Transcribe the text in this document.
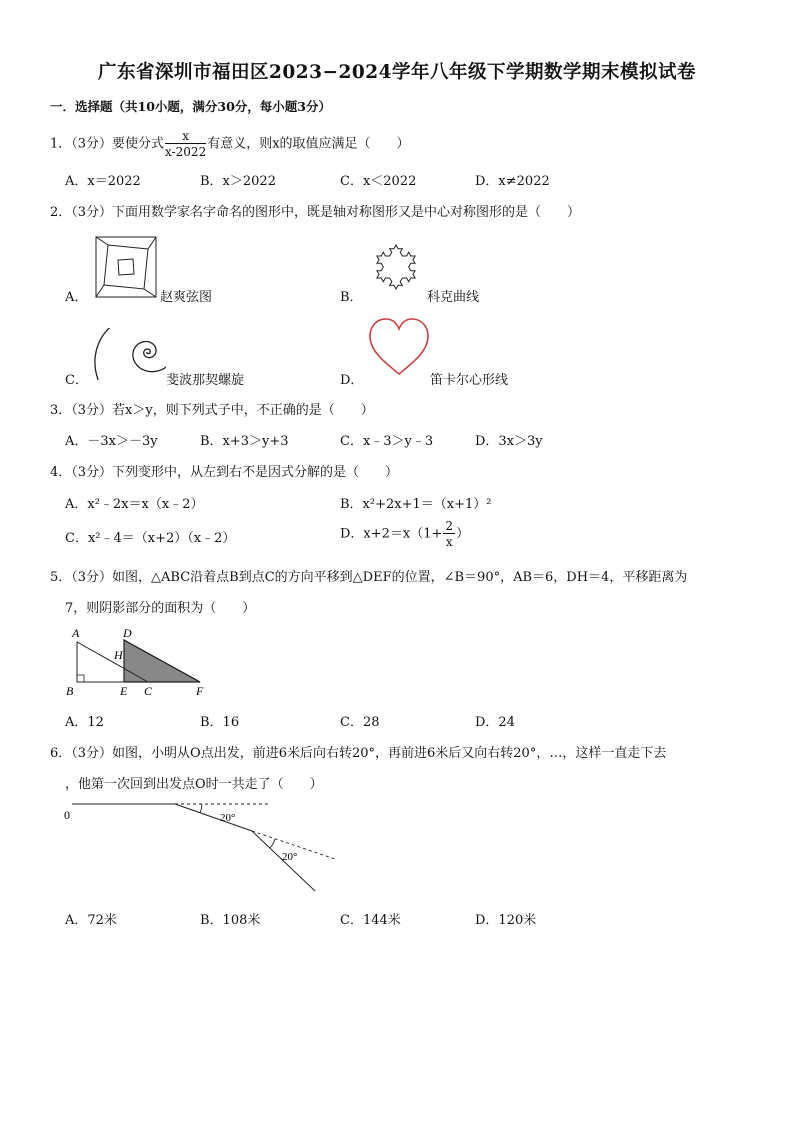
广东省深圳市福田区2023−2024学年八年级下学期数学期末模拟试卷
一．选择题（共10小题，满分30分，每小题3分）
1．（3分）要使分式 $\frac{x}{x-2022}$ 有意义，则x的取值应满足（　　）
A．x＝2022	B．x＞2022	C．x＜2022	D．x≠2022
2．（3分）下面用数学家名字命名的图形中，既是轴对称图形又是中心对称图形的是（　　）
A．	赵爽弦图	B．	科克曲线
C．	斐波那契螺旋	D．	笛卡尔心形线
3．（3分）若x＞y，则下列式子中，不正确的是（　　）
A．－3x＞－3y	B．x+3＞y+3	C．x﹣3＞y﹣3	D．3x＞3y
4．（3分）下列变形中，从左到右不是因式分解的是（　　）
A．x²﹣2x＝x（x﹣2）	B．x²+2x+1＝（x+1）²
C．x²﹣4＝（x+2）（x﹣2）	D．$x+2=x(1+ \frac{2}{x}$ ）
5．（3分）如图，△ABC沿着点B到点C的方向平移到△DEF的位置，∠B＝90°，AB＝6，DH＝4，平移距离为
7，则阴影部分的面积为（　　）
A	D
H
B	E C	F
A．12	B．16	C．28	D．24
6．（3分）如图，小明从O点出发，前进6米后向右转20°，再前进6米后又向右转20°，…，这样一直走下去
，他第一次回到出发点O时一共走了（　　）
0	20°
20°
A．72米	B．108米	C．144米	D．120米
